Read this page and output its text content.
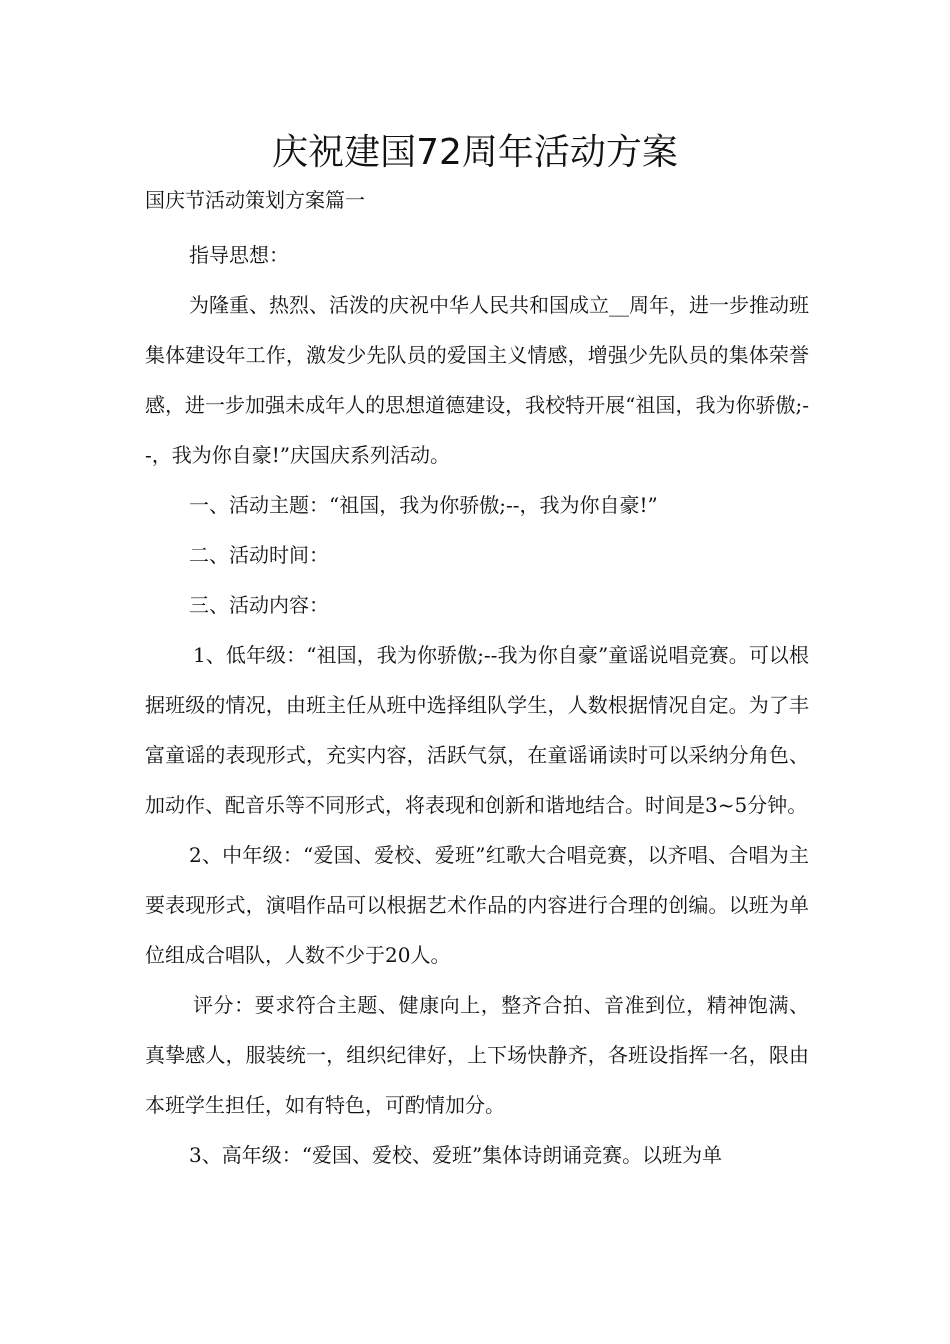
庆祝建国72周年活动方案
国庆节活动策划方案篇一

指导思想：

为隆重、热烈、活泼的庆祝中华人民共和国成立__周年，进一步推动班集体建设年工作，激发少先队员的爱国主义情感，增强少先队员的集体荣誉感，进一步加强未成年人的思想道德建设，我校特开展“祖国，我为你骄傲;--，我为你自豪!”庆国庆系列活动。

一、活动主题：“祖国，我为你骄傲;--，我为你自豪!”

二、活动时间：

三、活动内容：

1、低年级：“祖国，我为你骄傲;--我为你自豪”童谣说唱竞赛。可以根据班级的情况，由班主任从班中选择组队学生，人数根据情况自定。为了丰富童谣的表现形式，充实内容，活跃气氛，在童谣诵读时可以采纳分角色、加动作、配音乐等不同形式，将表现和创新和谐地结合。时间是3~5分钟。

2、中年级：“爱国、爱校、爱班”红歌大合唱竞赛，以齐唱、合唱为主要表现形式，演唱作品可以根据艺术作品的内容进行合理的创编。以班为单位组成合唱队，人数不少于20人。

评分：要求符合主题、健康向上，整齐合拍、音准到位，精神饱满、真挚感人，服装统一，组织纪律好，上下场快静齐，各班设指挥一名，限由本班学生担任，如有特色，可酌情加分。

3、高年级：“爱国、爱校、爱班”集体诗朗诵竞赛。以班为单
